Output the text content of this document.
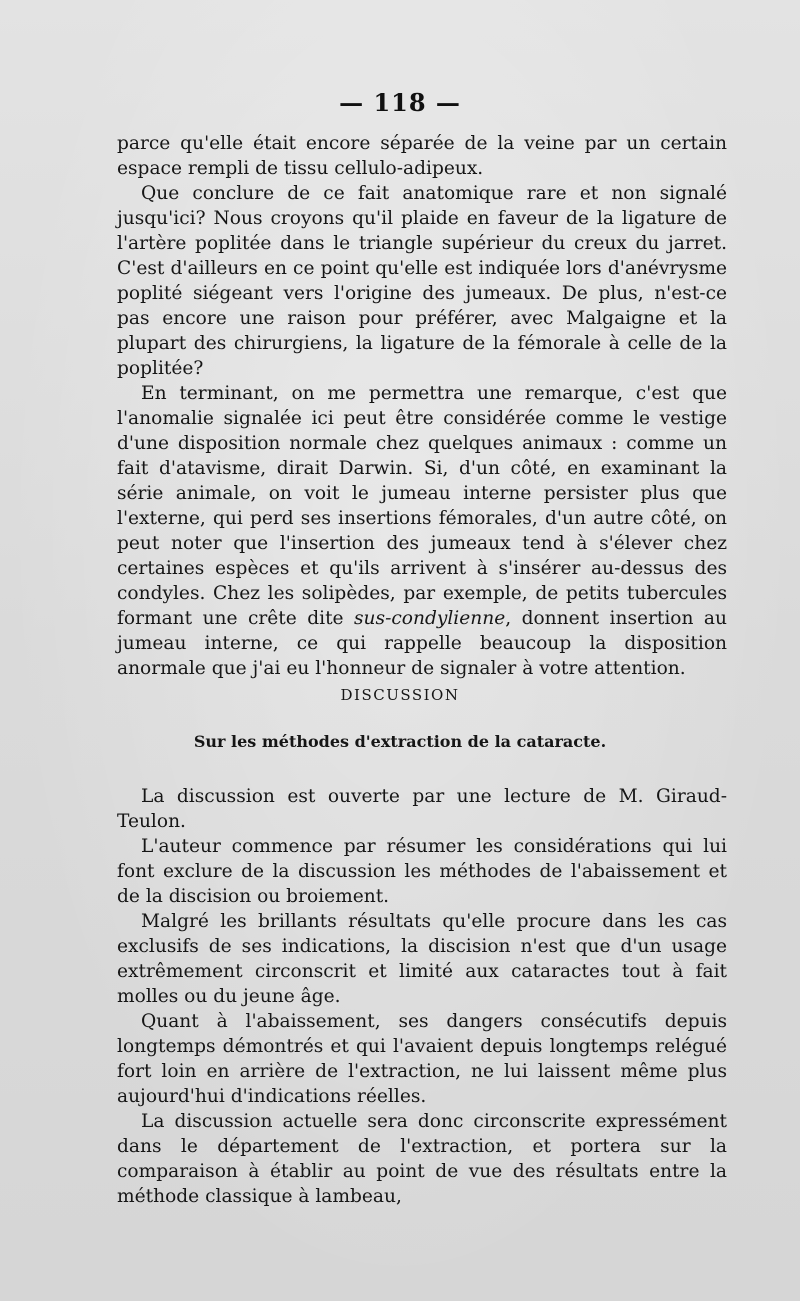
— 118 —

parce qu'elle était encore séparée de la veine par un certain espace rempli de tissu cellulo-adipeux.

Que conclure de ce fait anatomique rare et non signalé jusqu'ici? Nous croyons qu'il plaide en faveur de la ligature de l'artère poplitée dans le triangle supérieur du creux du jarret. C'est d'ailleurs en ce point qu'elle est indiquée lors d'anévrysme poplité siégeant vers l'origine des jumeaux. De plus, n'est-ce pas encore une raison pour préférer, avec Malgaigne et la plupart des chirurgiens, la ligature de la fémorale à celle de la poplitée?

En terminant, on me permettra une remarque, c'est que l'anomalie signalée ici peut être considérée comme le vestige d'une disposition normale chez quelques animaux : comme un fait d'atavisme, dirait Darwin. Si, d'un côté, en examinant la série animale, on voit le jumeau interne persister plus que l'externe, qui perd ses insertions fémorales, d'un autre côté, on peut noter que l'insertion des jumeaux tend à s'élever chez certaines espèces et qu'ils arrivent à s'insérer au-dessus des condyles. Chez les solipèdes, par exemple, de petits tubercules formant une crête dite sus-condylienne, donnent insertion au jumeau interne, ce qui rappelle beaucoup la disposition anormale que j'ai eu l'honneur de signaler à votre attention.

DISCUSSION
Sur les méthodes d'extraction de la cataracte.

La discussion est ouverte par une lecture de M. Giraud-Teulon.

L'auteur commence par résumer les considérations qui lui font exclure de la discussion les méthodes de l'abaissement et de la discision ou broiement.

Malgré les brillants résultats qu'elle procure dans les cas exclusifs de ses indications, la discision n'est que d'un usage extrêmement circonscrit et limité aux cataractes tout à fait molles ou du jeune âge.

Quant à l'abaissement, ses dangers consécutifs depuis longtemps démontrés et qui l'avaient depuis longtemps relégué fort loin en arrière de l'extraction, ne lui laissent même plus aujourd'hui d'indications réelles.

La discussion actuelle sera donc circonscrite expressément dans le département de l'extraction, et portera sur la comparaison à établir au point de vue des résultats entre la méthode classique à lambeau,
